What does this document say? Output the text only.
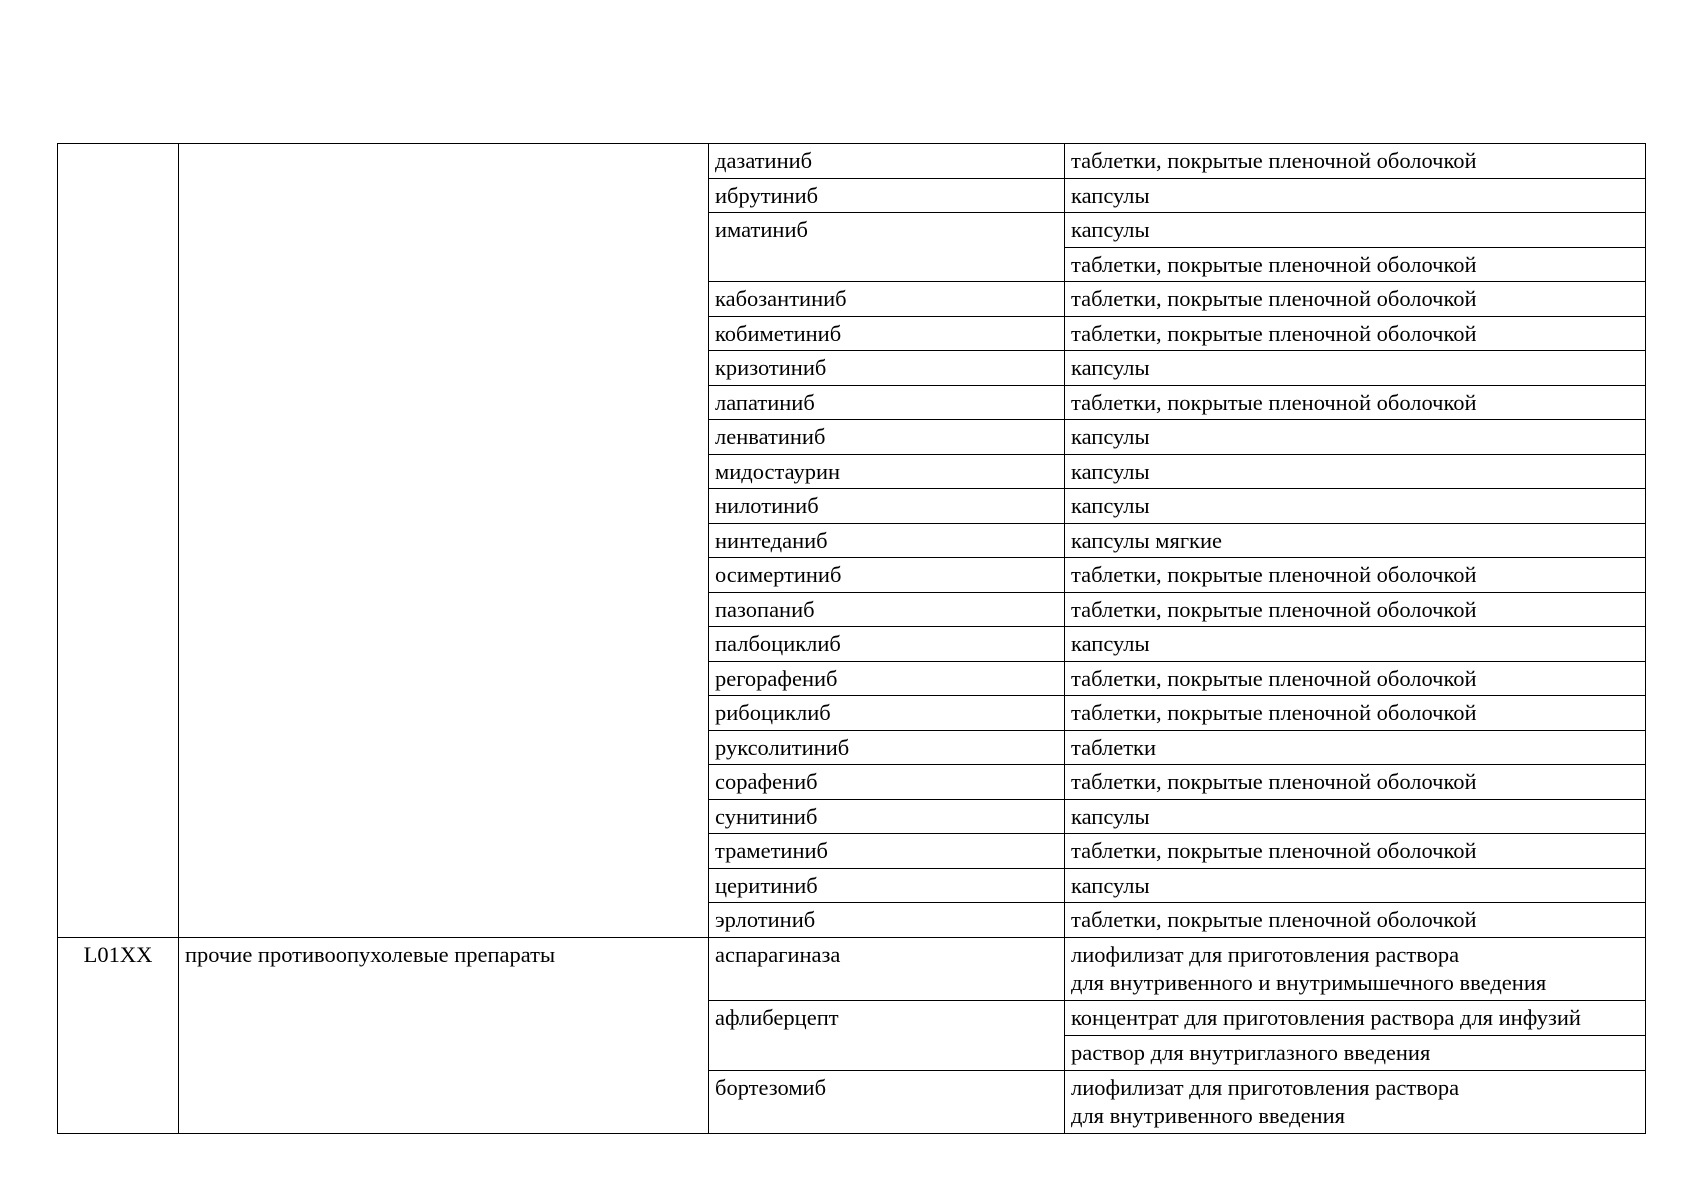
		дазатиниб	таблетки, покрытые пленочной оболочкой
		ибрутиниб	капсулы
		иматиниб	капсулы
			таблетки, покрытые пленочной оболочкой
		кабозантиниб	таблетки, покрытые пленочной оболочкой
		кобиметиниб	таблетки, покрытые пленочной оболочкой
		кризотиниб	капсулы
		лапатиниб	таблетки, покрытые пленочной оболочкой
		ленватиниб	капсулы
		мидостаурин	капсулы
		нилотиниб	капсулы
		нинтеданиб	капсулы мягкие
		осимертиниб	таблетки, покрытые пленочной оболочкой
		пазопаниб	таблетки, покрытые пленочной оболочкой
		палбоциклиб	капсулы
		регорафениб	таблетки, покрытые пленочной оболочкой
		рибоциклиб	таблетки, покрытые пленочной оболочкой
		руксолитиниб	таблетки
		сорафениб	таблетки, покрытые пленочной оболочкой
		сунитиниб	капсулы
		траметиниб	таблетки, покрытые пленочной оболочкой
		церитиниб	капсулы
		эрлотиниб	таблетки, покрытые пленочной оболочкой
L01XX	прочие противоопухолевые препараты	аспарагиназа	лиофилизат для приготовления раствора
для внутривенного и внутримышечного введения

		афлиберцепт	концентрат для приготовления раствора для инфузий

			раствор для внутриглазного введения

		бортезомиб	лиофилизат для приготовления раствора
для внутривенного введения
